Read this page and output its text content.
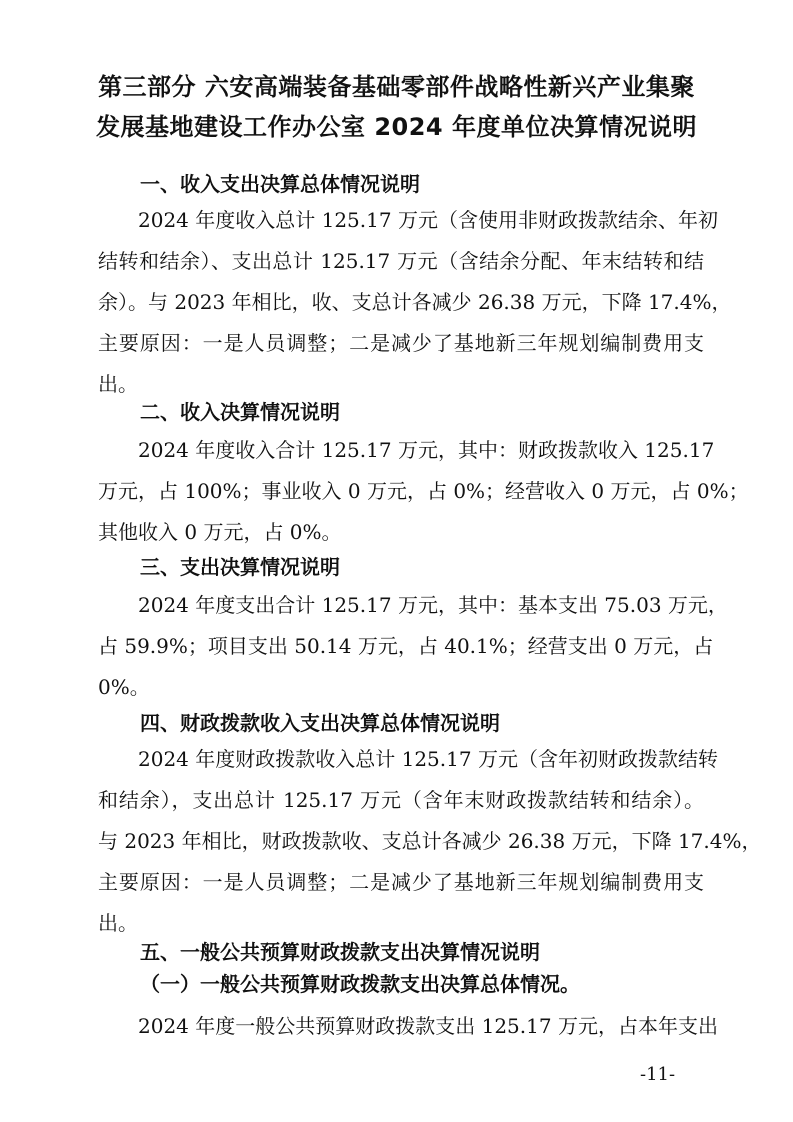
第三部分 六安高端装备基础零部件战略性新兴产业集聚
发展基地建设工作办公室 2024 年度单位决算情况说明
一、收入支出决算总体情况说明
2024 年度收入总计 125.17 万元（含使用非财政拨款结余、年初
结转和结余）、支出总计 125.17 万元（含结余分配、年末结转和结
余）。与 2023 年相比，收、支总计各减少 26.38 万元，下降 17.4%，
主要原因：一是人员调整；二是减少了基地新三年规划编制费用支
出。
二、收入决算情况说明
2024 年度收入合计 125.17 万元，其中：财政拨款收入 125.17
万元，占 100%；事业收入 0 万元，占 0%；经营收入 0 万元，占 0%；
其他收入 0 万元，占 0%。
三、支出决算情况说明
2024 年度支出合计 125.17 万元，其中：基本支出 75.03 万元，
占 59.9%；项目支出 50.14 万元，占 40.1%；经营支出 0 万元，占
0%。
四、财政拨款收入支出决算总体情况说明
2024 年度财政拨款收入总计 125.17 万元（含年初财政拨款结转
和结余），支出总计 125.17 万元（含年末财政拨款结转和结余）。
与 2023 年相比，财政拨款收、支总计各减少 26.38 万元，下降 17.4%，
主要原因：一是人员调整；二是减少了基地新三年规划编制费用支
出。
五、一般公共预算财政拨款支出决算情况说明
（一）一般公共预算财政拨款支出决算总体情况。
2024 年度一般公共预算财政拨款支出 125.17 万元，占本年支出
-11-
